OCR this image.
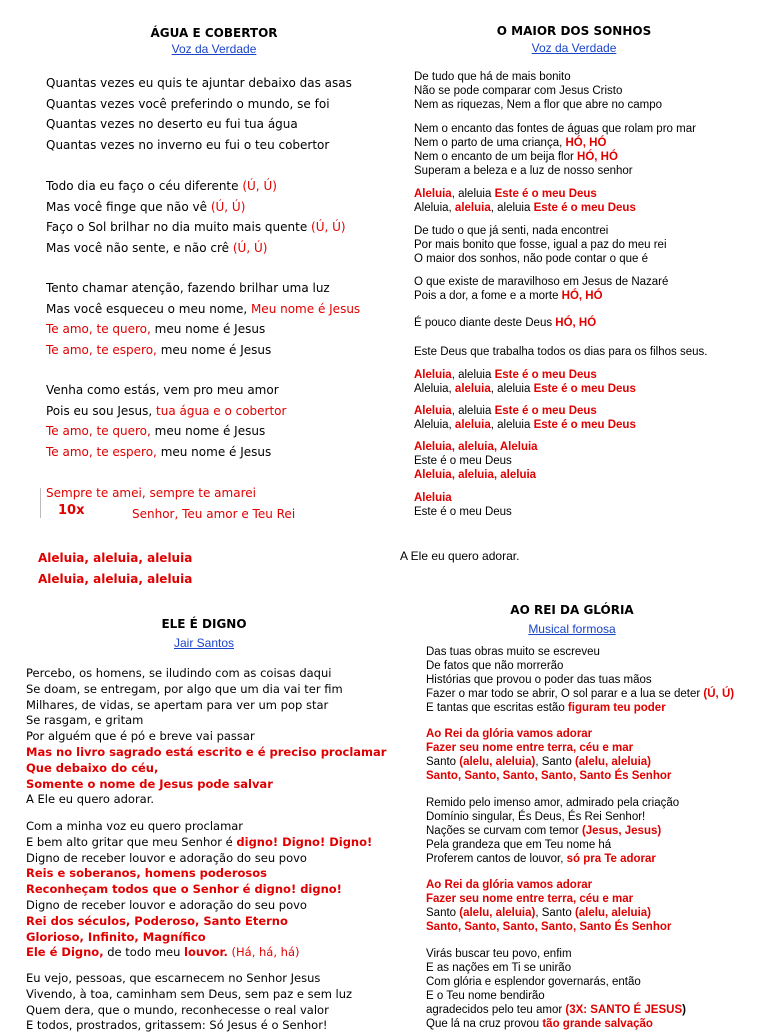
ÁGUA E COBERTOR
Voz da Verdade
Quantas vezes eu quis te ajuntar debaixo das asas
Quantas vezes você preferindo o mundo, se foi
Quantas vezes no deserto eu fui tua água
Quantas vezes no inverno eu fui o teu cobertor
Todo dia eu faço o céu diferente (Ú, Ú)
Mas você finge que não vê (Ú, Ú)
Faço o Sol brilhar no dia muito mais quente (Ú, Ú)
Mas você não sente, e não crê (Ú, Ú)
Tento chamar atenção, fazendo brilhar uma luz
Mas você esqueceu o meu nome, Meu nome é Jesus
Te amo, te quero, meu nome é Jesus
Te amo, te espero, meu nome é Jesus
Venha como estás, vem pro meu amor
Pois eu sou Jesus, tua água e o cobertor
Te amo, te quero, meu nome é Jesus
Te amo, te espero, meu nome é Jesus
Sempre te amei, sempre te amarei
10x	Senhor, Teu amor e Teu Rei
Aleluia, aleluia, aleluia
Aleluia, aleluia, aleluia
O MAIOR DOS SONHOS
Voz da Verdade
De tudo que há de mais bonito
Não se pode comparar com Jesus Cristo
Nem as riquezas, Nem a flor que abre no campo
Nem o encanto das fontes de águas que rolam pro mar
Nem o parto de uma criança, HÓ, HÓ
Nem o encanto de um beija flor HÓ, HÓ
Superam a beleza e a luz de nosso senhor
Aleluia, aleluia Este é o meu Deus
Aleluia, aleluia, aleluia Este é o meu Deus
De tudo o que já senti, nada encontrei
Por mais bonito que fosse, igual a paz do meu rei
O maior dos sonhos, não pode contar o que é
O que existe de maravilhoso em Jesus de Nazaré
Pois a dor, a fome e a morte HÓ, HÓ
É pouco diante deste Deus HÓ, HÓ
Este Deus que trabalha todos os dias para os filhos seus.
Aleluia, aleluia Este é o meu Deus
Aleluia, aleluia, aleluia Este é o meu Deus
Aleluia, aleluia Este é o meu Deus
Aleluia, aleluia, aleluia Este é o meu Deus
Aleluia, aleluia, Aleluia
Este é o meu Deus
Aleluia, aleluia, aleluia
Aleluia
Este é o meu Deus
A Ele eu quero adorar.
ELE É DIGNO
Jair Santos
Percebo, os homens, se iludindo com as coisas daqui
Se doam, se entregam, por algo que um dia vai ter fim
Milhares, de vidas, se apertam para ver um pop star
Se rasgam, e gritam
Por alguém que é pó e breve vai passar
Mas no livro sagrado está escrito e é preciso proclamar
Que debaixo do céu,
Somente o nome de Jesus pode salvar
A Ele eu quero adorar.
Com a minha voz eu quero proclamar
E bem alto gritar que meu Senhor é digno! Digno! Digno!
Digno de receber louvor e adoração do seu povo
Reis e soberanos, homens poderosos
Reconheçam todos que o Senhor é digno! digno!
Digno de receber louvor e adoração do seu povo
Rei dos séculos, Poderoso, Santo Eterno
Glorioso, Infinito, Magnífico
Ele é Digno, de todo meu louvor. (Há, há, há)
Eu vejo, pessoas, que escarnecem no Senhor Jesus
Vivendo, à toa, caminham sem Deus, sem paz e sem luz
Quem dera, que o mundo, reconhecesse o real valor
E todos, prostrados, gritassem: Só Jesus é o Senhor!
AO REI DA GLÓRIA
Musical formosa
Das tuas obras muito se escreveu
De fatos que não morrerão
Histórias que provou o poder das tuas mãos
Fazer o mar todo se abrir, O sol parar e a lua se deter (Ú, Ú)
E tantas que escritas estão figuram teu poder
Ao Rei da glória vamos adorar
Fazer seu nome entre terra, céu e mar
Santo (alelu, aleluia), Santo (alelu, aleluia)
Santo, Santo, Santo, Santo, Santo És Senhor
Remido pelo imenso amor, admirado pela criação
Domínio singular, És Deus, És Rei Senhor!
Nações se curvam com temor (Jesus, Jesus)
Pela grandeza que em Teu nome há
Proferem cantos de louvor, só pra Te adorar
Ao Rei da glória vamos adorar
Fazer seu nome entre terra, céu e mar
Santo (alelu, aleluia), Santo (alelu, aleluia)
Santo, Santo, Santo, Santo, Santo És Senhor
Virás buscar teu povo, enfim
E as nações em Ti se unirão
Com glória e esplendor governarás, então
E o Teu nome bendirão
agradecidos pelo teu amor (3X: SANTO É JESUS)
Que lá na cruz provou tão grande salvação
